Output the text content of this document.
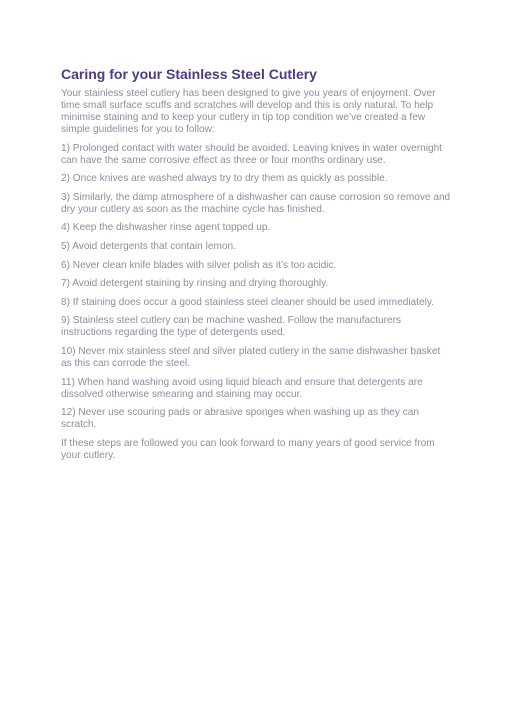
Caring for your Stainless Steel Cutlery

Your stainless steel cutlery has been designed to give you years of enjoyment. Over time small surface scuffs and scratches will develop and this is only natural. To help minimise staining and to keep your cutlery in tip top condition we’ve created a few simple guidelines for you to follow:

1) Prolonged contact with water should be avoided. Leaving knives in water overnight can have the same corrosive effect as three or four months ordinary use.

2) Once knives are washed always try to dry them as quickly as possible.

3) Similarly, the damp atmosphere of a dishwasher can cause corrosion so remove and dry your cutlery as soon as the machine cycle has finished.

4) Keep the dishwasher rinse agent topped up.

5) Avoid detergents that contain lemon.

6) Never clean knife blades with silver polish as it’s too acidic.

7) Avoid detergent staining by rinsing and drying thoroughly.

8) If staining does occur a good stainless steel cleaner should be used immediately.

9) Stainless steel cutlery can be machine washed. Follow the manufacturers instructions regarding the type of detergents used.

10) Never mix stainless steel and silver plated cutlery in the same dishwasher basket as this can corrode the steel.

11) When hand washing avoid using liquid bleach and ensure that detergents are dissolved otherwise smearing and staining may occur.

12) Never use scouring pads or abrasive sponges when washing up as they can scratch.

If these steps are followed you can look forward to many years of good service from your cutlery.
